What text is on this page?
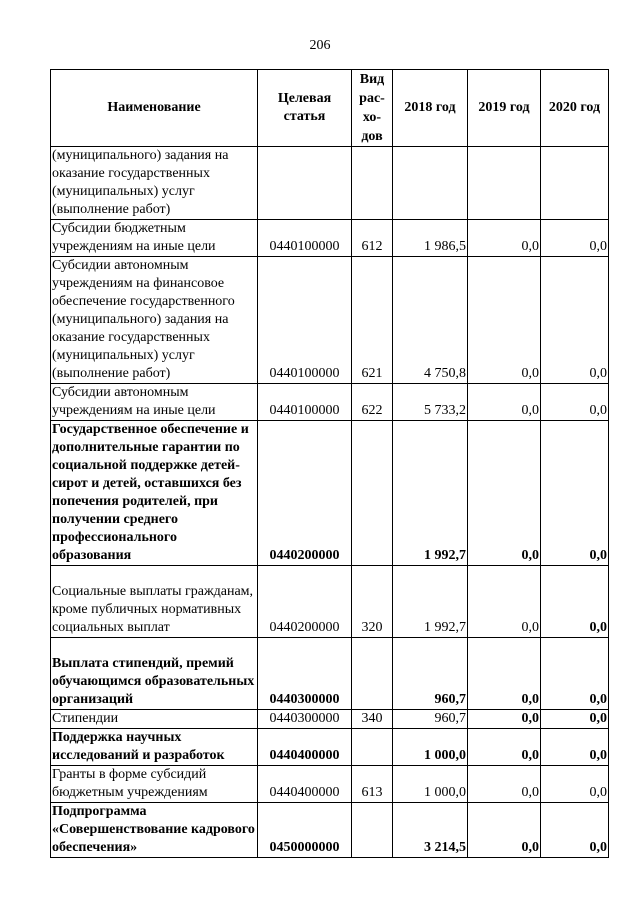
206
Наименование	Целевая статья	Вид рас-хо-дов	2018 год	2019 год	2020 год
(муниципального) задания на оказание государственных (муниципальных) услуг (выполнение работ)					
Субсидии бюджетным учреждениям на иные цели	0440100000	612	1 986,5	0,0	0,0
Субсидии автономным учреждениям на финансовое обеспечение государственного (муниципального) задания на оказание государственных (муниципальных) услуг (выполнение работ)	0440100000	621	4 750,8	0,0	0,0
Субсидии автономным учреждениям на иные цели	0440100000	622	5 733,2	0,0	0,0
Государственное обеспечение и дополнительные гарантии по социальной поддержке детей-сирот и детей, оставшихся без попечения родителей, при получении среднего профессионального образования	0440200000		1 992,7	0,0	0,0
Социальные выплаты гражданам, кроме публичных нормативных социальных выплат	0440200000	320	1 992,7	0,0	0,0
Выплата стипендий, премий обучающимся образовательных организаций	0440300000		960,7	0,0	0,0
Стипендии	0440300000	340	960,7	0,0	0,0
Поддержка научных исследований и разработок	0440400000		1 000,0	0,0	0,0
Гранты в форме субсидий бюджетным учреждениям	0440400000	613	1 000,0	0,0	0,0
Подпрограмма «Совершенствование кадрового обеспечения»	0450000000		3 214,5	0,0	0,0
